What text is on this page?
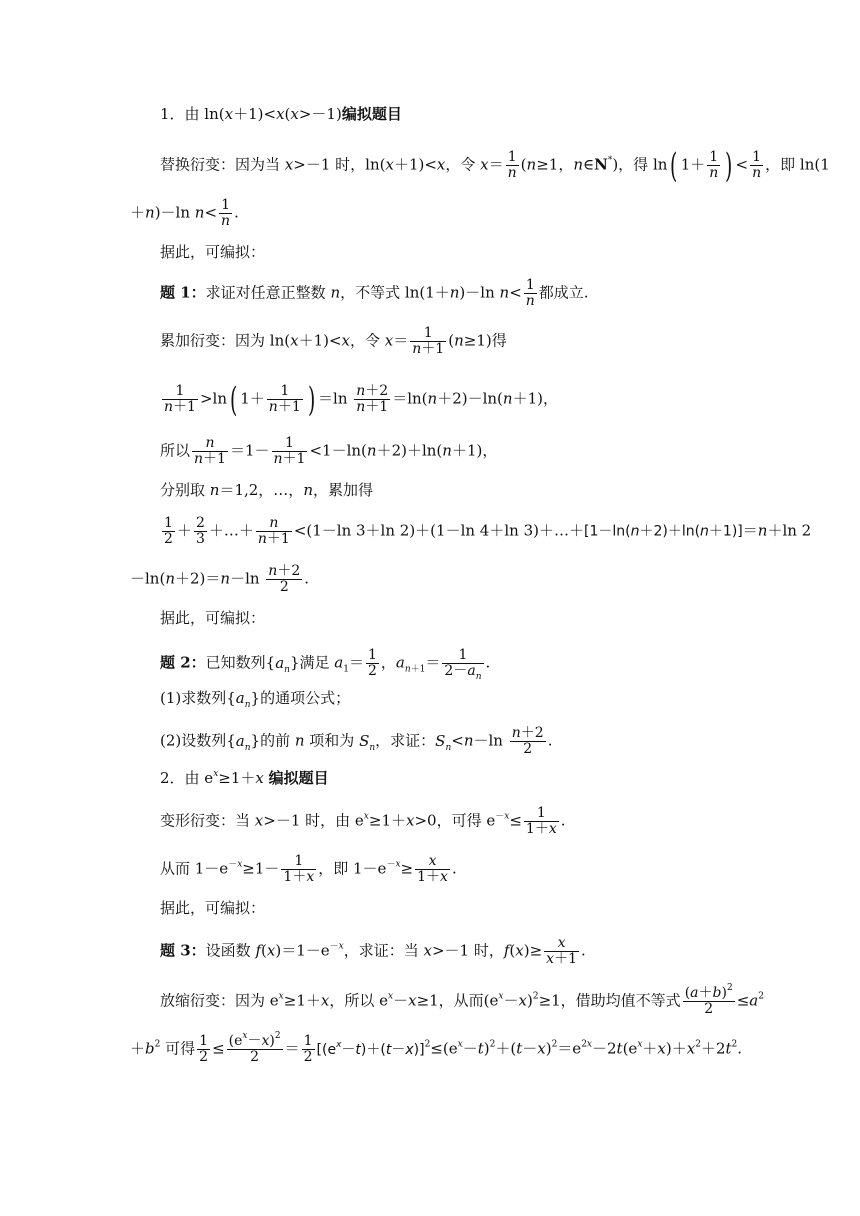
1．由 ln(x＋1)<x(x>－1)编拟题目
替换衍变：因为当 x>－1 时，ln(x＋1)<x，令 $x= \frac{1}{n} (n\ge 1$，n∈N*)，得 ln( $1+ \frac{1}{n}$ ) < $\frac{1}{n}$ ，即 ln(1
＋n)－ln $n< \frac{1}{n}$ .
据此，可编拟：
题 1：求证对任意正整数 n，不等式 ln(1＋n)－ln $n< \frac{1}{n}$ 都成立.
累加衍变：因为 ln(x＋1)<x，令 $x= \frac{1}{n+1} (n\ge 1)$得
$\frac{1}{n+1} >\ln$( $1+ \frac{1}{n+1}$ ) $=\ln \frac{n+2}{n+1} =\ln(n+2)-\ln(n+1)$，
所以 $\frac{n}{n+1} =1- \frac{1}{n+1} <1-\ln(n+2)+\ln(n+1)$，
分别取 n＝1,2，…，n，累加得
$\frac{1}{2} + \frac{2}{3}$ ＋…＋ $\frac{n}{n+1} <(1-\ln$ 3＋ln 2)＋(1－ln 4＋ln 3)＋…＋[1－ln(n＋2)＋ln(n＋1)]＝n＋ln 2
$-\ln(n+2)=n-\ln \frac{n+2}{2}$ .
据此，可编拟：
题 2：已知数列$\{a_n\}$满足 $a_1= \frac{1}{2}$ ，$a_{n+1}= \frac{1}{2-a_n}$ .
(1)求数列$\{a_n\}$的通项公式；
(2)设数列$\{a_n\}$的前 n 项和为 $S_n$，求证：$S_n<n-\ln \frac{n+2}{2}$ .
2．由 $e^x\ge 1+x$ 编拟题目
变形衍变：当 x>－1 时，由 $e^x\ge 1+x>0$，可得 $e^{-x}\le \frac{1}{1+x}$ .
从而 $1-e^{-x}\ge 1- \frac{1}{1+x}$ ，即 $1-e^{-x}\ge \frac{x}{1+x}$ .
据此，可编拟：
题 3：设函数 $f(x)=1-e^{-x}$，求证：当 x>－1 时，$f(x)\ge \frac{x}{x+1}$ .
放缩衍变：因为 $e^x\ge 1+x$，所以 $e^x-x\ge 1$，从而$(e^x-x)^2\ge 1$，借助均值不等式 $\frac{(a+b)^2}{2} \le a^2$
$+b^2$ 可得 $\frac{1}{2} \le \frac{(e^x-x)^2}{2} = \frac{1}{2} [(e^x-t)+(t-x)]^2\le(e^x-t)^2+(t-x)^2=e^{2x}-2t(e^x+x)+x^2+2t^2$.
